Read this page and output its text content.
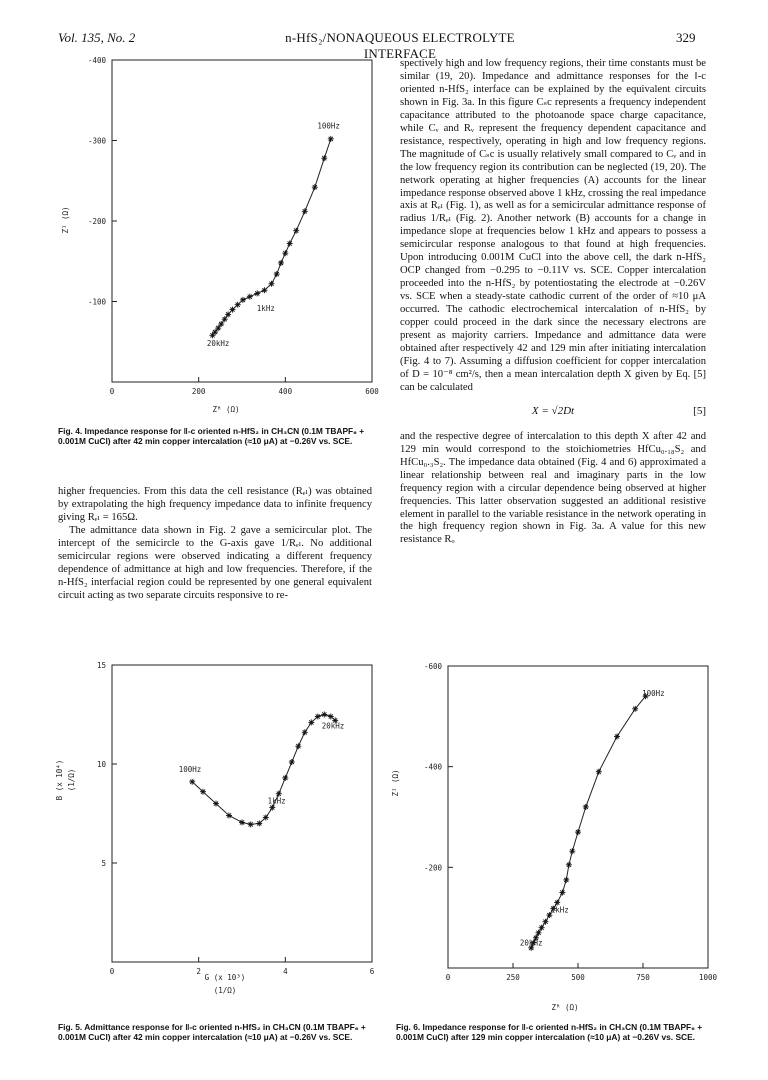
Vol. 135, No. 2	n-HfS₂/NONAQUEOUS ELECTROLYTE INTERFACE
329

spectively high and low frequency regions, their time constants must be similar (19, 20). Impedance and admittance responses for the ‖-c oriented n-HfS₂ interface can be explained by the equivalent circuits shown in Fig. 3a. In this figure Cₛc represents a frequency independent capacitance attributed to the photoanode space charge capacitance, while Cᵥ and Rᵥ represent the frequency dependent capacitance and resistance, respectively, operating in high and low frequency regions. The magnitude of Cₛc is usually relatively small compared to Cᵥ and in the low frequency region its contribution can be neglected (19, 20). The network operating at higher frequencies (A) accounts for the linear impedance response observed above 1 kHz, crossing the real impedance axis at Rₑₗ (Fig. 1), as well as for a semicircular admittance response of radius 1/Rₑₗ (Fig. 2). Another network (B) accounts for a change in impedance slope at frequencies below 1 kHz and appears to possess a semicircular response analogous to that found at high frequencies. Upon introducing 0.001M CuCl into the above cell, the dark n-HfS₂ OCP changed from −0.295 to −0.11V vs. SCE. Copper intercalation proceeded into the n-HfS₂ by potentiostating the electrode at −0.26V vs. SCE when a steady-state cathodic current of the order of ≈10 μA occurred. The cathodic electrochemical intercalation of n-HfS₂ by copper could proceed in the dark since the necessary electrons are present as majority carriers. Impedance and admittance data were obtained after respectively 42 and 129 min after initiating intercalation (Fig. 4 to 7). Assuming a diffusion coefficient for copper intercalation of D = 10⁻⁸ cm²/s, then a mean intercalation depth X given by Eq. [5] can be calculated

X = √2Dt	[5]

and the respective degree of intercalation to this depth X after 42 and 129 min would correspond to the stoichiometries HfCu₀.₁₈S₂ and HfCu₀.₃S₂. The impedance data obtained (Fig. 4 and 6) approximated a linear relationship between real and imaginary parts in the low frequency region with a circular dependence being observed at higher frequencies. This latter observation suggested an additional resistive element in parallel to the variable resistance in the network operating in the high frequency region shown in Fig. 3a. A value for this new resistance Rₒ

higher frequencies. From this data the cell resistance (Rₑₗ) was obtained by extrapolating the high frequency impedance data to infinite frequency giving Rₑₗ = 165Ω.

The admittance data shown in Fig. 2 gave a semicircular plot. The intercept of the semicircle to the G-axis gave 1/Rₑₗ. No additional semicircular regions were observed indicating a different frequency dependence of admittance at high and low frequencies. Therefore, if the n-HfS₂ interfacial region could be represented by one general equivalent circuit acting as two separate circuits responsive to re-

Fig. 4. Impedance response for ‖-c oriented n-HfS₂ in CH₃CN (0.1M TBAPF₆ + 0.001M CuCl) after 42 min copper intercalation (≈10 μA) at −0.26V vs. SCE.
Fig. 5. Admittance response for ‖-c oriented n-HfS₂ in CH₃CN (0.1M TBAPF₆ + 0.001M CuCl) after 42 min copper intercalation (≈10 μA) at −0.26V vs. SCE.
Fig. 6. Impedance response for ‖-c oriented n-HfS₂ in CH₃CN (0.1M TBAPF₆ + 0.001M CuCl) after 129 min copper intercalation (≈10 μA) at −0.26V vs. SCE.
0	200	400	600
-400
-300
-200
-100
Zᴿ (Ω)
Zᴵ (Ω)
100Hz
1kHz
20kHz
0	2	4	6
15
10
5
G (x 10³)
(1/Ω)
B (x 10⁴) (1/Ω)	100Hz
1kHz
20kHz
0	250	500	750	1000
-600
-400
-200
Zᴿ (Ω)
Zᴵ (Ω)
100Hz
1kHz
20kHz
